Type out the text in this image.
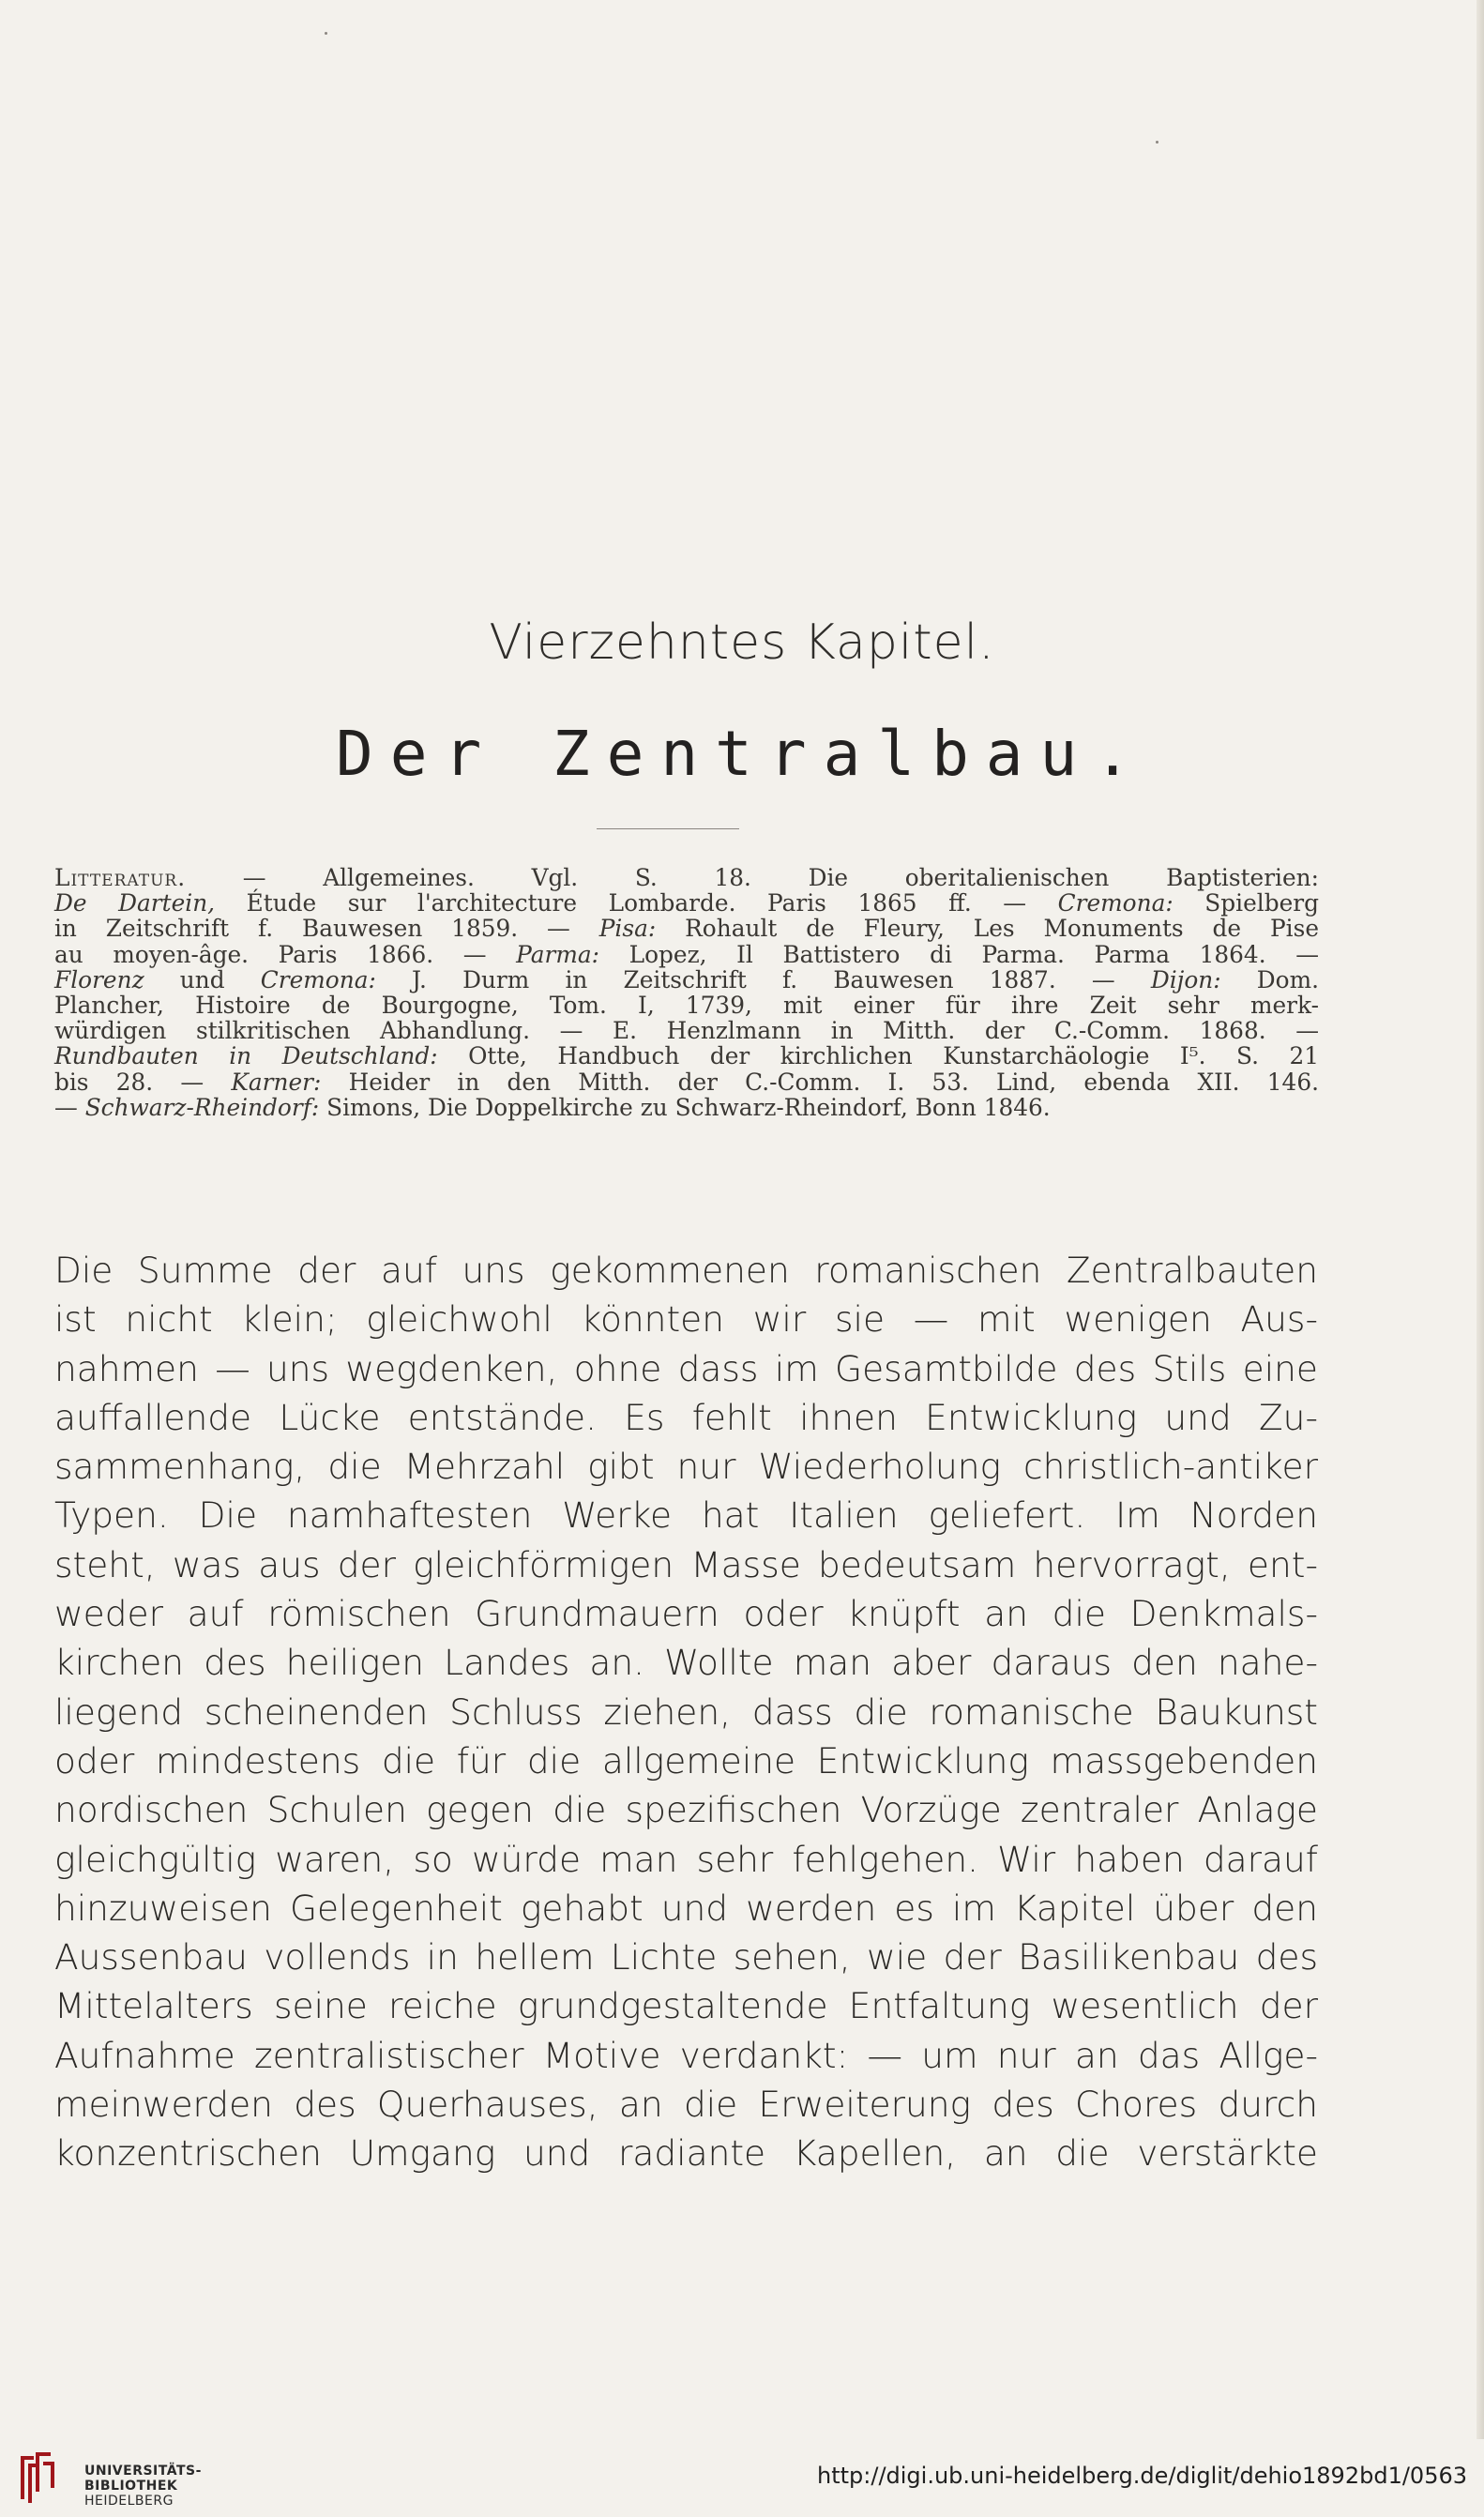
Vierzehntes Kapitel.
Der Zentralbau.
Litteratur. — Allgemeines. Vgl. S. 18. Die oberitalienischen Baptisterien:
De Dartein, Étude sur l'architecture Lombarde. Paris 1865 ff. — Cremona: Spielberg
in Zeitschrift f. Bauwesen 1859. — Pisa: Rohault de Fleury, Les Monuments de Pise
au moyen-âge. Paris 1866. — Parma: Lopez, Il Battistero di Parma. Parma 1864. —
Florenz und Cremona: J. Durm in Zeitschrift f. Bauwesen 1887. — Dijon: Dom.
Plancher, Histoire de Bourgogne, Tom. I, 1739, mit einer für ihre Zeit sehr merk-
würdigen stilkritischen Abhandlung. — E. Henzlmann in Mitth. der C.-Comm. 1868. —
Rundbauten in Deutschland: Otte, Handbuch der kirchlichen Kunstarchäologie I⁵. S. 21
bis 28. — Karner: Heider in den Mitth. der C.-Comm. I. 53. Lind, ebenda XII. 146.
— Schwarz-Rheindorf: Simons, Die Doppelkirche zu Schwarz-Rheindorf, Bonn 1846.
Die Summe der auf uns gekommenen romanischen Zentralbauten
ist nicht klein; gleichwohl könnten wir sie — mit wenigen Aus-
nahmen — uns wegdenken, ohne dass im Gesamtbilde des Stils eine
auffallende Lücke entstände. Es fehlt ihnen Entwicklung und Zu-
sammenhang, die Mehrzahl gibt nur Wiederholung christlich-antiker
Typen. Die namhaftesten Werke hat Italien geliefert. Im Norden
steht, was aus der gleichförmigen Masse bedeutsam hervorragt, ent-
weder auf römischen Grundmauern oder knüpft an die Denkmals-
kirchen des heiligen Landes an. Wollte man aber daraus den nahe-
liegend scheinenden Schluss ziehen, dass die romanische Baukunst
oder mindestens die für die allgemeine Entwicklung massgebenden
nordischen Schulen gegen die spezifischen Vorzüge zentraler Anlage
gleichgültig waren, so würde man sehr fehlgehen. Wir haben darauf
hinzuweisen Gelegenheit gehabt und werden es im Kapitel über den
Aussenbau vollends in hellem Lichte sehen, wie der Basilikenbau des
Mittelalters seine reiche grundgestaltende Entfaltung wesentlich der
Aufnahme zentralistischer Motive verdankt: — um nur an das Allge-
meinwerden des Querhauses, an die Erweiterung des Chores durch
konzentrischen Umgang und radiante Kapellen, an die verstärkte
UNIVERSITÄTS-
BIBLIOTHEK
HEIDELBERG
http://digi.ub.uni-heidelberg.de/diglit/dehio1892bd1/0563
